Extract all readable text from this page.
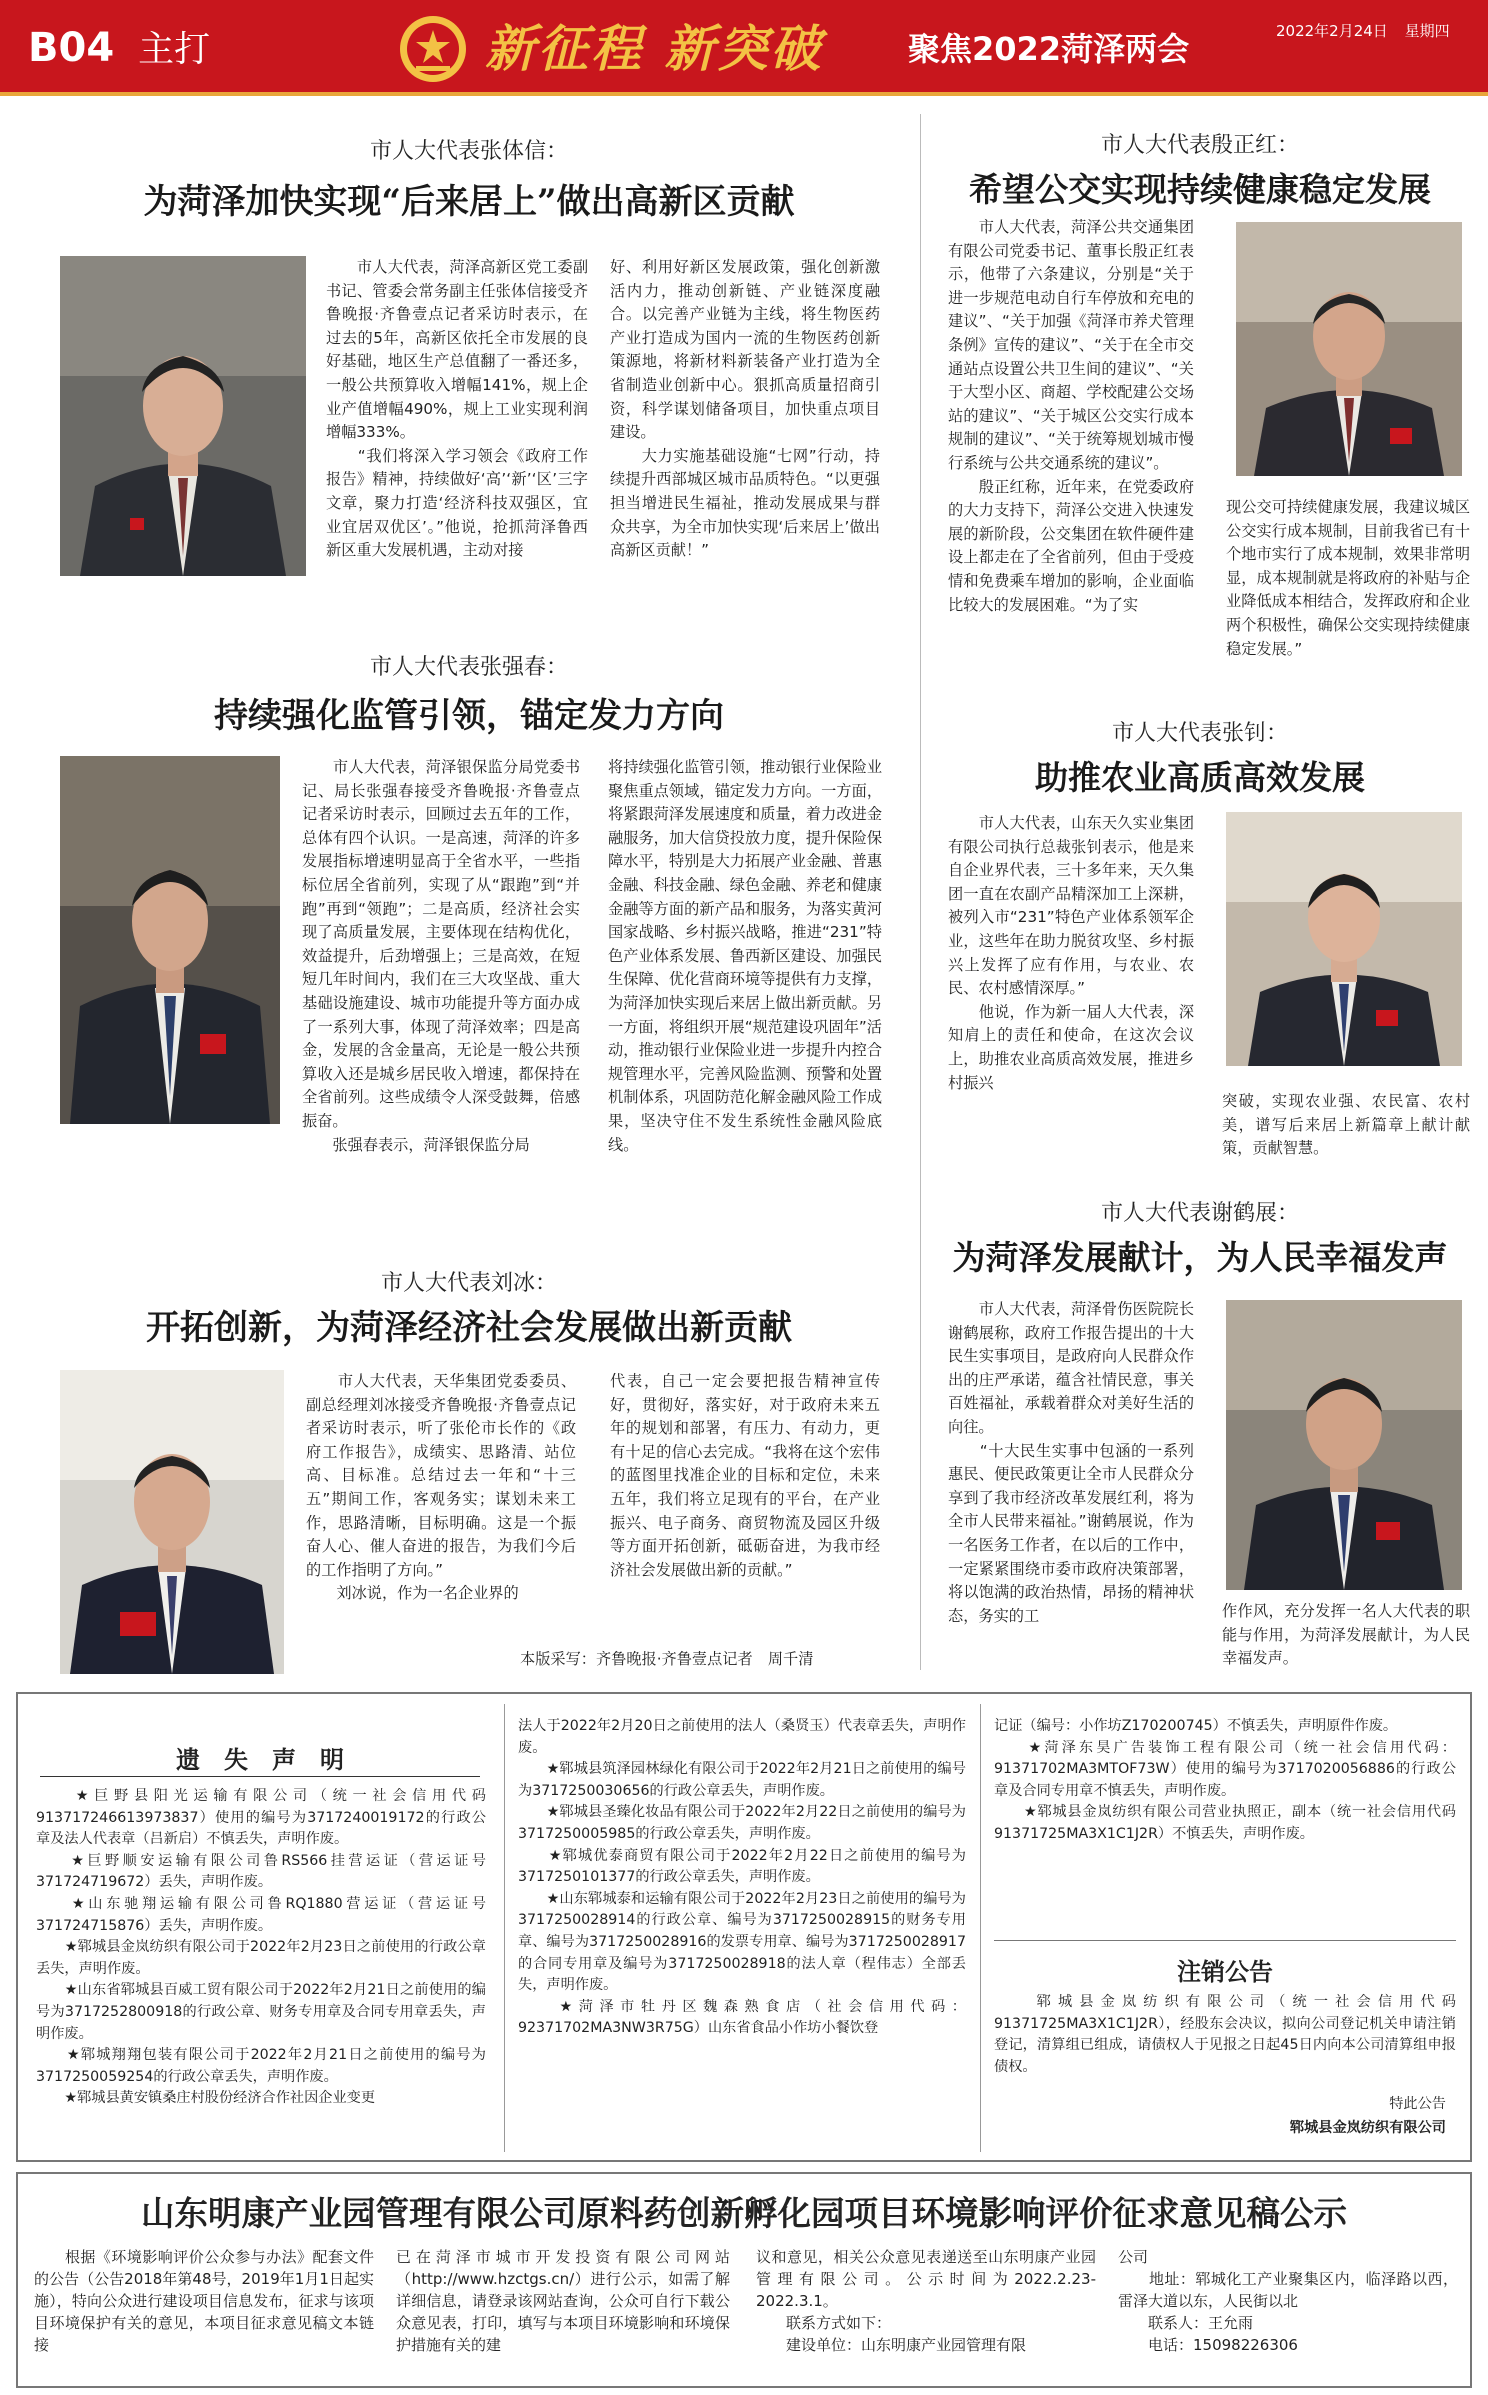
B04 主打	新征程 新突破	聚焦2022菏泽两会	2022年2月24日 星期四
市人大代表张体信：
为菏泽加快实现“后来居上”做出高新区贡献
　　市人大代表，菏泽高新区党工委副书记、管委会常务副主任张体信接受齐鲁晚报·齐鲁壹点记者采访时表示，在过去的5年，高新区依托全市发展的良好基础，地区生产总值翻了一番还多，一般公共预算收入增幅141%，规上企业产值增幅490%，规上工业实现利润增幅333%。
　　“我们将深入学习领会《政府工作报告》精神，持续做好‘高’‘新’‘区’三字文章，聚力打造‘经济科技双强区，宜业宜居双优区’。”他说，抢抓菏泽鲁西新区重大发展机遇，主动对接
好、利用好新区发展政策，强化创新激活内力，推动创新链、产业链深度融合。以完善产业链为主线，将生物医药产业打造成为国内一流的生物医药创新策源地，将新材料新装备产业打造为全省制造业创新中心。狠抓高质量招商引资，科学谋划储备项目，加快重点项目建设。
　　大力实施基础设施“七网”行动，持续提升西部城区城市品质特色。“以更强担当增进民生福祉，推动发展成果与群众共享，为全市加快实现‘后来居上’做出高新区贡献！”
市人大代表张强春：
持续强化监管引领，锚定发力方向
　　市人大代表，菏泽银保监分局党委书记、局长张强春接受齐鲁晚报·齐鲁壹点记者采访时表示，回顾过去五年的工作，总体有四个认识。一是高速，菏泽的许多发展指标增速明显高于全省水平，一些指标位居全省前列，实现了从“跟跑”到“并跑”再到“领跑”；二是高质，经济社会实现了高质量发展，主要体现在结构优化，效益提升，后劲增强上；三是高效，在短短几年时间内，我们在三大攻坚战、重大基础设施建设、城市功能提升等方面办成了一系列大事，体现了菏泽效率；四是高金，发展的含金量高，无论是一般公共预算收入还是城乡居民收入增速，都保持在全省前列。这些成绩令人深受鼓舞，倍感振奋。
　　张强春表示，菏泽银保监分局
将持续强化监管引领，推动银行业保险业聚焦重点领域，锚定发力方向。一方面，将紧跟菏泽发展速度和质量，着力改进金融服务，加大信贷投放力度，提升保险保障水平，特别是大力拓展产业金融、普惠金融、科技金融、绿色金融、养老和健康金融等方面的新产品和服务，为落实黄河国家战略、乡村振兴战略，推进“231”特色产业体系发展、鲁西新区建设、加强民生保障、优化营商环境等提供有力支撑，为菏泽加快实现后来居上做出新贡献。另一方面，将组织开展“规范建设巩固年”活动，推动银行业保险业进一步提升内控合规管理水平，完善风险监测、预警和处置机制体系，巩固防范化解金融风险工作成果，坚决守住不发生系统性金融风险底线。
市人大代表刘冰：
开拓创新，为菏泽经济社会发展做出新贡献
　　市人大代表，天华集团党委委员、副总经理刘冰接受齐鲁晚报·齐鲁壹点记者采访时表示，听了张伦市长作的《政府工作报告》，成绩实、思路清、站位高、目标准。总结过去一年和“十三五”期间工作，客观务实；谋划未来工作，思路清晰，目标明确。这是一个振奋人心、催人奋进的报告，为我们今后的工作指明了方向。”
　　刘冰说，作为一名企业界的
代表，自己一定会要把报告精神宣传好，贯彻好，落实好，对于政府未来五年的规划和部署，有压力、有动力，更有十足的信心去完成。“我将在这个宏伟的蓝图里找准企业的目标和定位，未来五年，我们将立足现有的平台，在产业振兴、电子商务、商贸物流及园区升级等方面开拓创新，砥砺奋进，为我市经济社会发展做出新的贡献。”
本版采写：齐鲁晚报·齐鲁壹点记者　周千清
市人大代表殷正红：
希望公交实现持续健康稳定发展
　　市人大代表，菏泽公共交通集团有限公司党委书记、董事长殷正红表示，他带了六条建议，分别是“关于进一步规范电动自行车停放和充电的建议”、“关于加强《菏泽市养犬管理条例》宣传的建议”、“关于在全市交通站点设置公共卫生间的建议”、“关于大型小区、商超、学校配建公交场站的建议”、“关于城区公交实行成本规制的建议”、“关于统筹规划城市慢行系统与公共交通系统的建议”。
　　殷正红称，近年来，在党委政府的大力支持下，菏泽公交进入快速发展的新阶段，公交集团在软件硬件建设上都走在了全省前列，但由于受疫情和免费乘车增加的影响，企业面临比较大的发展困难。“为了实
现公交可持续健康发展，我建议城区公交实行成本规制，目前我省已有十个地市实行了成本规制，效果非常明显，成本规制就是将政府的补贴与企业降低成本相结合，发挥政府和企业两个积极性，确保公交实现持续健康稳定发展。”
市人大代表张钊：
助推农业高质高效发展
　　市人大代表，山东天久实业集团有限公司执行总裁张钊表示，他是来自企业界代表，三十多年来，天久集团一直在农副产品精深加工上深耕，被列入市“231”特色产业体系领军企业，这些年在助力脱贫攻坚、乡村振兴上发挥了应有作用，与农业、农民、农村感情深厚。”
　　他说，作为新一届人大代表，深知肩上的责任和使命，在这次会议上，助推农业高质高效发展，推进乡村振兴
突破，实现农业强、农民富、农村美，谱写后来居上新篇章上献计献策，贡献智慧。
市人大代表谢鹤展：
为菏泽发展献计，为人民幸福发声
　　市人大代表，菏泽骨伤医院院长谢鹤展称，政府工作报告提出的十大民生实事项目，是政府向人民群众作出的庄严承诺，蕴含社情民意，事关百姓福祉，承载着群众对美好生活的向往。
　　“十大民生实事中包涵的一系列惠民、便民政策更让全市人民群众分享到了我市经济改革发展红利，将为全市人民带来福祉。”谢鹤展说，作为一名医务工作者，在以后的工作中，一定紧紧围绕市委市政府决策部署，将以饱满的政治热情，昂扬的精神状态，务实的工	作作风，充分发挥一名人大代表的职能与作用，为菏泽发展献计，为人民幸福发声。
遗　失　声　明
　　★巨野县阳光运输有限公司（统一社会信用代码913717246613973837）使用的编号为3717240019172的行政公章及法人代表章（吕新启）不慎丢失，声明作废。
　　★巨野顺安运输有限公司鲁RS566挂营运证（营运证号371724719672）丢失，声明作废。
　　★山东驰翔运输有限公司鲁RQ1880营运证（营运证号371724715876）丢失，声明作废。
　　★郓城县金岚纺织有限公司于2022年2月23日之前使用的行政公章丢失，声明作废。
　　★山东省郓城县百威工贸有限公司于2022年2月21日之前使用的编号为3717252800918的行政公章、财务专用章及合同专用章丢失，声明作废。
　　★郓城翔翔包装有限公司于2022年2月21日之前使用的编号为3717250059254的行政公章丢失，声明作废。
　　★郓城县黄安镇桑庄村股份经济合作社因企业变更
法人于2022年2月20日之前使用的法人（桑贤玉）代表章丢失，声明作废。
　　★郓城县筑泽园林绿化有限公司于2022年2月21日之前使用的编号为3717250030656的行政公章丢失，声明作废。
　　★郓城县圣臻化妆品有限公司于2022年2月22日之前使用的编号为3717250005985的行政公章丢失，声明作废。
　　★郓城优泰商贸有限公司于2022年2月22日之前使用的编号为3717250101377的行政公章丢失，声明作废。
　　★山东郓城泰和运输有限公司于2022年2月23日之前使用的编号为3717250028914的行政公章、编号为3717250028915的财务专用章、编号为3717250028916的发票专用章、编号为3717250028917的合同专用章及编号为3717250028918的法人章（程伟志）全部丢失，声明作废。
　　★菏泽市牡丹区魏森熟食店（社会信用代码：92371702MA3NW3R75G）山东省食品小作坊小餐饮登
记证（编号：小作坊Z170200745）不慎丢失，声明原件作废。
　　★菏泽东昊广告装饰工程有限公司（统一社会信用代码：91371702MA3MTOF73W）使用的编号为3717020056886的行政公章及合同专用章不慎丢失，声明作废。
　　★郓城县金岚纺织有限公司营业执照正，副本（统一社会信用代码91371725MA3X1C1J2R）不慎丢失，声明作废。
注销公告
　　郓城县金岚纺织有限公司（统一社会信用代码91371725MA3X1C1J2R），经股东会决议，拟向公司登记机关申请注销登记，清算组已组成，请债权人于见报之日起45日内向本公司清算组申报债权。
特此公告
郓城县金岚纺织有限公司
山东明康产业园管理有限公司原料药创新孵化园项目环境影响评价征求意见稿公示
　　根据《环境影响评价公众参与办法》配套文件的公告（公告2018年第48号，2019年1月1日起实施），特向公众进行建设项目信息发布，征求与该项目环境保护有关的意见，本项目征求意见稿文本链接
已在菏泽市城市开发投资有限公司网站（http://www.hzctgs.cn/）进行公示，如需了解详细信息，请登录该网站查询，公众可自行下载公众意见表，打印，填写与本项目环境影响和环境保护措施有关的建
议和意见，相关公众意见表递送至山东明康产业园管理有限公司。公示时间为2022.2.23-2022.3.1。
　　联系方式如下：
　　建设单位：山东明康产业园管理有限
公司
　　地址：郓城化工产业聚集区内，临泽路以西，雷泽大道以东，人民街以北
　　联系人：王允雨
　　电话：15098226306
